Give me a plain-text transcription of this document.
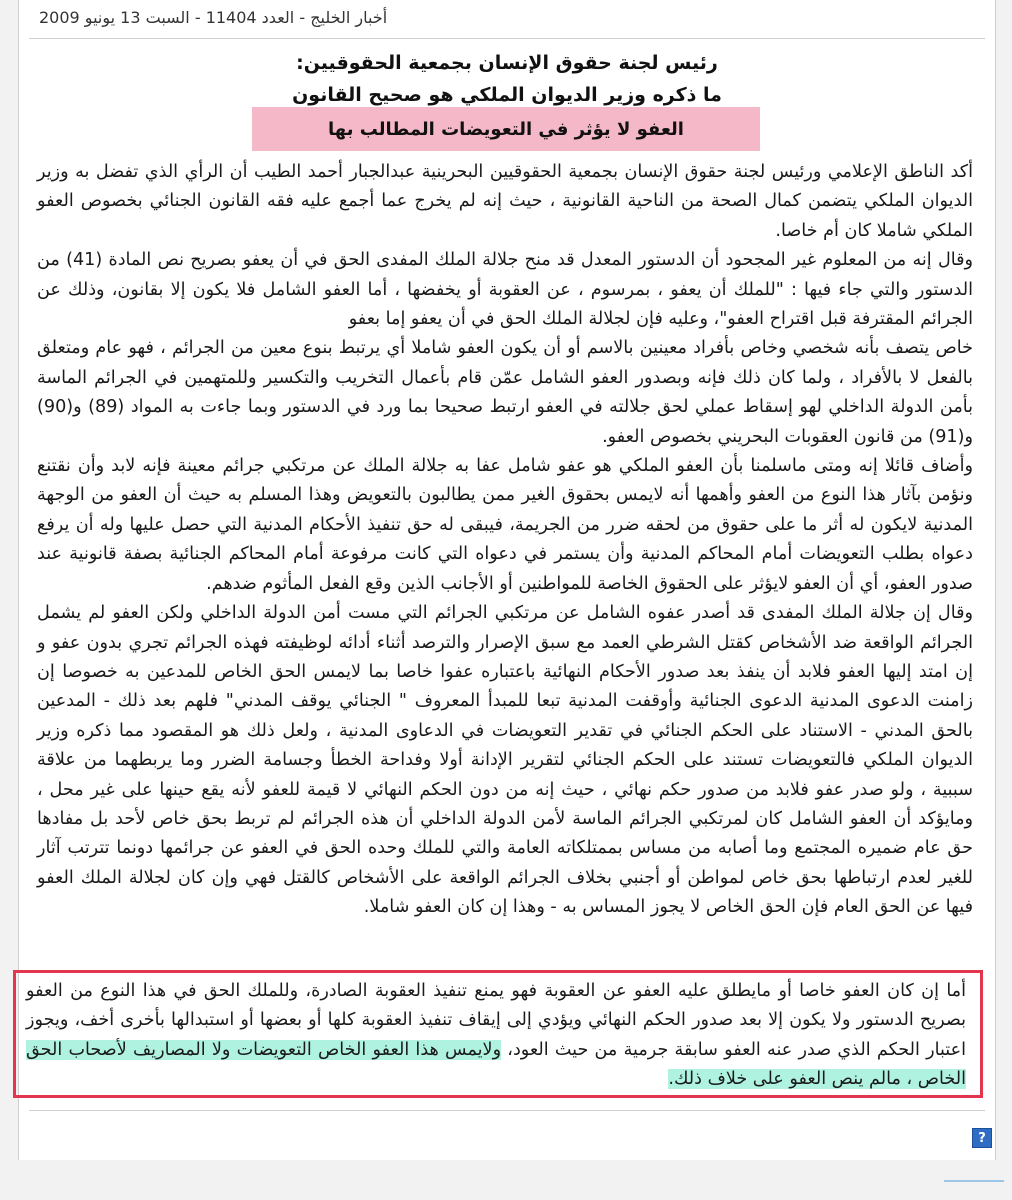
أخبار الخليج - العدد 11404 - السبت 13 يونيو 2009
رئيس لجنة حقوق الإنسان بجمعية الحقوقيين:
ما ذكره وزير الديوان الملكي هو صحيح القانون
العفو لا يؤثر في التعويضات المطالب بها

أكد الناطق الإعلامي ورئيس لجنة حقوق الإنسان بجمعية الحقوقيين البحرينية عبدالجبار أحمد الطيب أن الرأي الذي تفضل به وزير الديوان الملكي يتضمن كمال الصحة من الناحية القانونية ، حيث إنه لم يخرج عما أجمع عليه فقه القانون الجنائي بخصوص العفو الملكي شاملا كان أم خاصا.

وقال إنه من المعلوم غير المجحود أن الدستور المعدل قد منح جلالة الملك المفدى الحق في أن يعفو بصريح نص المادة (41) من الدستور والتي جاء فيها : "للملك أن يعفو ، بمرسوم ، عن العقوبة أو يخفضها ، أما العفو الشامل فلا يكون إلا بقانون، وذلك عن الجرائم المقترفة قبل اقتراح العفو"، وعليه فإن لجلالة الملك الحق في أن يعفو إما بعفو

خاص يتصف بأنه شخصي وخاص بأفراد معينين بالاسم أو أن يكون العفو شاملا أي يرتبط بنوع معين من الجرائم ، فهو عام ومتعلق بالفعل لا بالأفراد ، ولما كان ذلك فإنه وبصدور العفو الشامل عمّن قام بأعمال التخريب والتكسير وللمتهمين في الجرائم الماسة بأمن الدولة الداخلي لهو إسقاط عملي لحق جلالته في العفو ارتبط صحيحا بما ورد في الدستور وبما جاءت به المواد (89) و(90) و(91) من قانون العقوبات البحريني بخصوص العفو.

وأضاف قائلا إنه ومتى ماسلمنا بأن العفو الملكي هو عفو شامل عفا به جلالة الملك عن مرتكبي جرائم معينة فإنه لابد وأن نقتنع ونؤمن بآثار هذا النوع من العفو وأهمها أنه لايمس بحقوق الغير ممن يطالبون بالتعويض وهذا المسلم به حيث أن العفو من الوجهة المدنية لايكون له أثر ما على حقوق من لحقه ضرر من الجريمة، فيبقى له حق تنفيذ الأحكام المدنية التي حصل عليها وله أن يرفع دعواه بطلب التعويضات أمام المحاكم المدنية وأن يستمر في دعواه التي كانت مرفوعة أمام المحاكم الجنائية بصفة قانونية عند صدور العفو، أي أن العفو لايؤثر على الحقوق الخاصة للمواطنين أو الأجانب الذين وقع الفعل المأثوم ضدهم.

وقال إن جلالة الملك المفدى قد أصدر عفوه الشامل عن مرتكبي الجرائم التي مست أمن الدولة الداخلي ولكن العفو لم يشمل الجرائم الواقعة ضد الأشخاص كقتل الشرطي العمد مع سبق الإصرار والترصد أثناء أدائه لوظيفته فهذه الجرائم تجري بدون عفو و إن امتد إليها العفو فلابد أن ينفذ بعد صدور الأحكام النهائية باعتباره عفوا خاصا بما لايمس الحق الخاص للمدعين به خصوصا إن زامنت الدعوى المدنية الدعوى الجنائية وأوقفت المدنية تبعا للمبدأ المعروف " الجنائي يوقف المدني" فلهم بعد ذلك - المدعين بالحق المدني - الاستناد على الحكم الجنائي في تقدير التعويضات في الدعاوى المدنية ، ولعل ذلك هو المقصود مما ذكره وزير الديوان الملكي فالتعويضات تستند على الحكم الجنائي لتقرير الإدانة أولا وفداحة الخطأ وجسامة الضرر وما يربطهما من علاقة سببية ، ولو صدر عفو فلابد من صدور حكم نهائي ، حيث إنه من دون الحكم النهائي لا قيمة للعفو لأنه يقع حينها على غير محل ، ومايؤكد أن العفو الشامل كان لمرتكبي الجرائم الماسة لأمن الدولة الداخلي أن هذه الجرائم لم تربط بحق خاص لأحد بل مفادها حق عام ضميره المجتمع وما أصابه من مساس بممتلكاته العامة والتي للملك وحده الحق في العفو عن جرائمها دونما تترتب آثار للغير لعدم ارتباطها بحق خاص لمواطن أو أجنبي بخلاف الجرائم الواقعة على الأشخاص كالقتل فهي وإن كان لجلالة الملك العفو فيها عن الحق العام فإن الحق الخاص لا يجوز المساس به - وهذا إن كان العفو شاملا.

?
أما إن كان العفو خاصا أو مايطلق عليه العفو عن العقوبة فهو يمنع تنفيذ العقوبة الصادرة، وللملك الحق في هذا النوع من العفو بصريح الدستور ولا يكون إلا بعد صدور الحكم النهائي ويؤدي إلى إيقاف تنفيذ العقوبة كلها أو بعضها أو استبدالها بأخرى أخف، ويجوز اعتبار الحكم الذي صدر عنه العفو سابقة جرمية من حيث العود، ولايمس هذا العفو الخاص التعويضات ولا المصاريف لأصحاب الحق الخاص ، مالم ينص العفو على خلاف ذلك.
